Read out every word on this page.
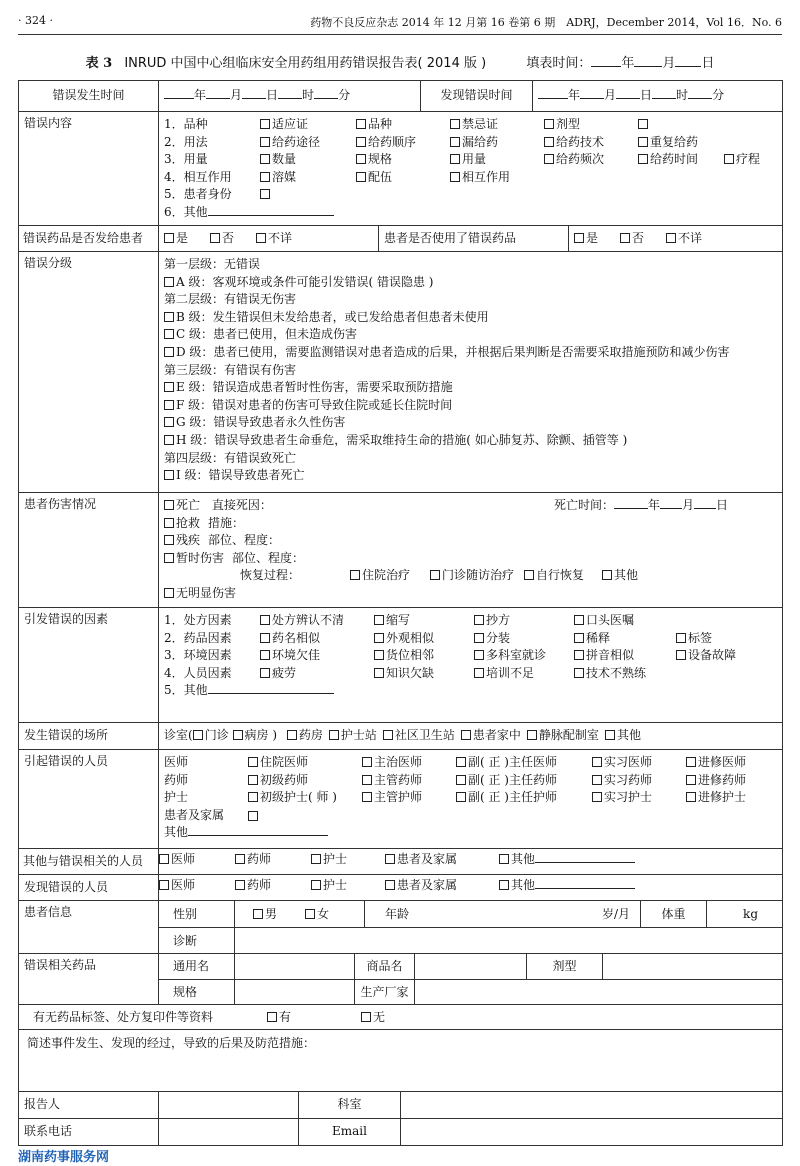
· 324 ·	药物不良反应杂志 2014 年 12 月第 16 卷第 6 期　ADRJ，December 2014，Vol 16．No. 6
表 3 INRUD 中国中心组临床安全用药组用药错误报告表( 2014 版 )	填表时间： 年 月 日
错误发生时间	年 月 日 时 分	发现错误时间	年 月 日 时 分
错误内容	1．品种	适应证	品种	禁忌证	剂型
2．用法	给药途径	给药顺序	漏给药	给药技术	重复给药
3．用量	数量	规格	用量	给药频次	给药时间	疗程
4．相互作用	溶媒	配伍	相互作用
5．患者身份
6．其他
错误药品是否发给患者	是	否	不详	患者是否使用了错误药品	是	否	不详
错误分级	第一层级：无错误
A 级：客观环境或条件可能引发错误( 错误隐患 )
第二层级：有错误无伤害
B 级：发生错误但未发给患者，或已发给患者但患者未使用
C 级：患者已使用，但未造成伤害
D 级：患者已使用，需要监测错误对患者造成的后果，并根据后果判断是否需要采取措施预防和减少伤害
第三层级：有错误有伤害
E 级：错误造成患者暂时性伤害，需要采取预防措施
F 级：错误对患者的伤害可导致住院或延长住院时间
G 级：错误导致患者永久性伤害
H 级：错误导致患者生命垂危，需采取维持生命的措施( 如心肺复苏、除颤、插管等 )
第四层级：有错误致死亡
I 级：错误导致患者死亡
患者伤害情况	死亡 直接死因：	死亡时间：	年 月 日
抢救 措施：
残疾 部位、程度：
暂时伤害 部位、程度：
恢复过程：	住院治疗	门诊随访治疗	自行恢复	其他
无明显伤害
引发错误的因素	1．处方因素	处方辨认不清	缩写	抄方	口头医嘱
2．药品因素	药名相似	外观相似	分装	稀释	标签
3．环境因素	环境欠佳	货位相邻	多科室就诊	拼音相似	设备故障
4．人员因素	疲劳	知识欠缺	培训不足	技术不熟练
5．其他
发生错误的场所	诊室( 门诊 病房 ) 药房 护士站 社区卫生站 患者家中 静脉配制室 其他
引起错误的人员	医师	住院医师	主治医师	副( 正 )主任医师	实习医师	进修医师
药师	初级药师	主管药师	副( 正 )主任药师	实习药师	进修药师
护士	初级护士( 师 )	主管护师	副( 正 )主任护师	实习护士	进修护士
患者及家属
其他
其他与错误相关的人员	医师	药师	护士	患者及家属	其他
发现错误的人员	医师	药师	护士	患者及家属	其他
患者信息	性别	男	女	年龄	岁/月	体重	kg
诊断
错误相关药品	通用名	商品名	剂型
规格	生产厂家
有无药品标签、处方复印件等资料	有	无
简述事件发生、发现的经过，导致的后果及防范措施：
报告人	科室
联系电话	Email
湖南药事服务网
